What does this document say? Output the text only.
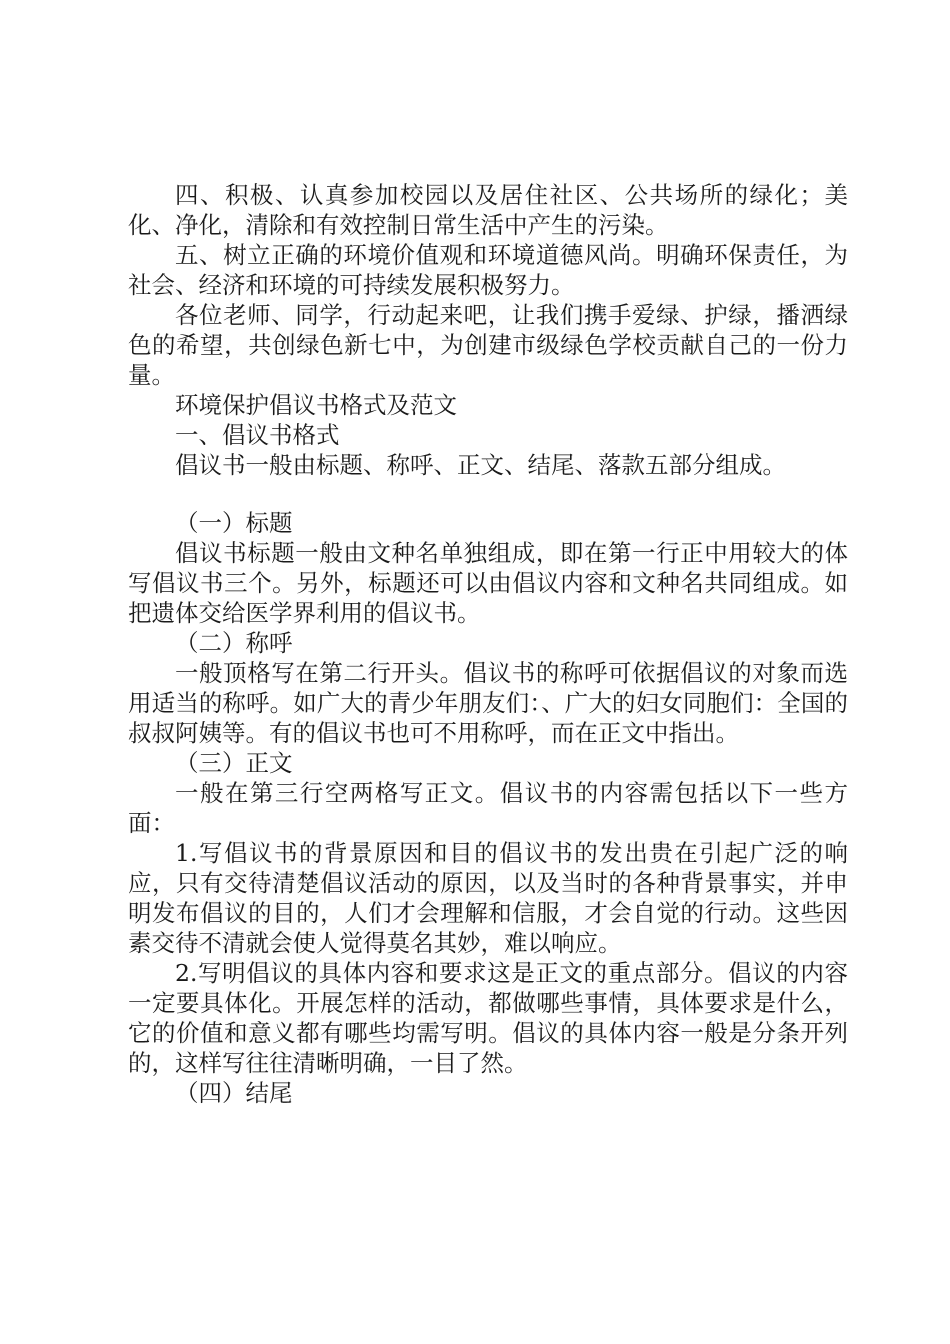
四、积极、认真参加校园以及居住社区、公共场所的绿化；美化、净化，清除和有效控制日常生活中产生的污染。

五、树立正确的环境价值观和环境道德风尚。明确环保责任，为社会、经济和环境的可持续发展积极努力。

各位老师、同学，行动起来吧，让我们携手爱绿、护绿，播洒绿色的希望，共创绿色新七中，为创建市级绿色学校贡献自己的一份力量。

环境保护倡议书格式及范文

一、倡议书格式

倡议书一般由标题、称呼、正文、结尾、落款五部分组成。

（一）标题

倡议书标题一般由文种名单独组成，即在第一行正中用较大的体写倡议书三个。另外，标题还可以由倡议内容和文种名共同组成。如把遗体交给医学界利用的倡议书。

（二）称呼

一般顶格写在第二行开头。倡议书的称呼可依据倡议的对象而选用适当的称呼。如广大的青少年朋友们：、广大的妇女同胞们：全国的叔叔阿姨等。有的倡议书也可不用称呼，而在正文中指出。

（三）正文

一般在第三行空两格写正文。倡议书的内容需包括以下一些方面：

1.写倡议书的背景原因和目的倡议书的发出贵在引起广泛的响应，只有交待清楚倡议活动的原因，以及当时的各种背景事实，并申明发布倡议的目的，人们才会理解和信服，才会自觉的行动。这些因素交待不清就会使人觉得莫名其妙，难以响应。

2.写明倡议的具体内容和要求这是正文的重点部分。倡议的内容一定要具体化。开展怎样的活动，都做哪些事情，具体要求是什么，它的价值和意义都有哪些均需写明。倡议的具体内容一般是分条开列的，这样写往往清晰明确，一目了然。

（四）结尾
